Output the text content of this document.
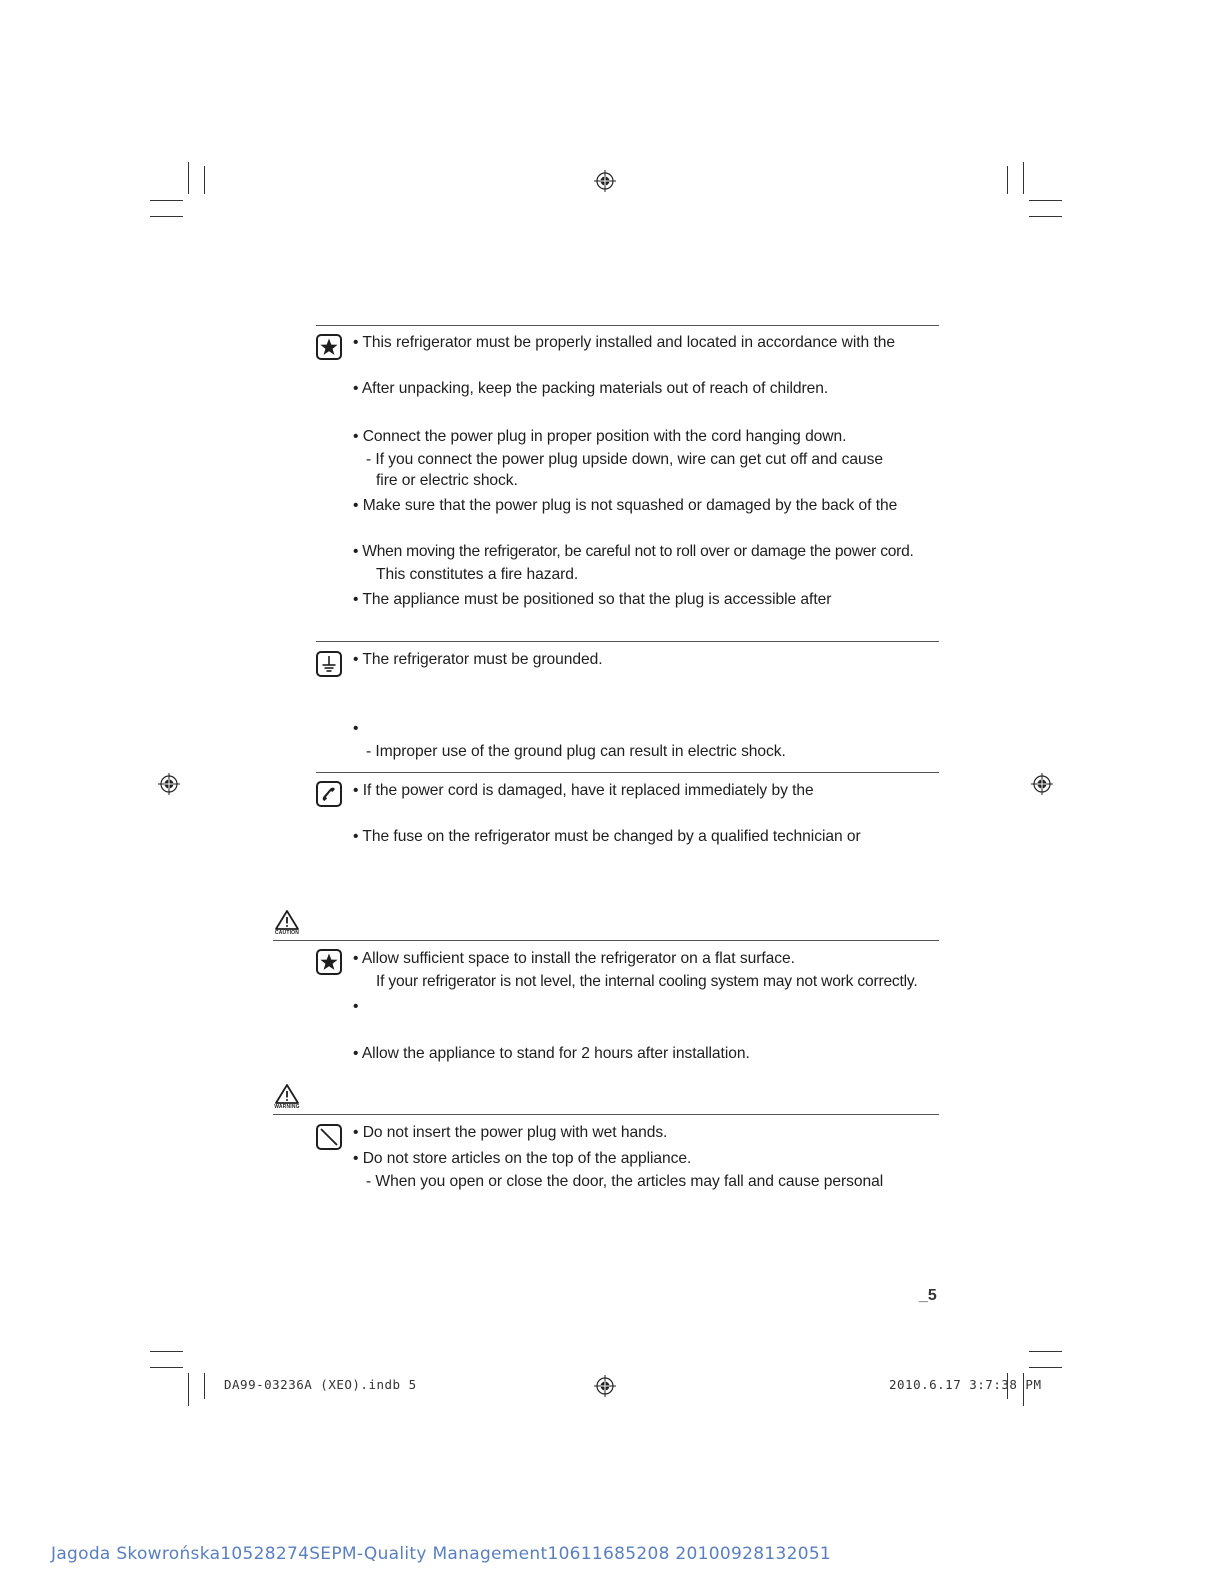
• This refrigerator must be properly installed and located in accordance with the
• After unpacking, keep the packing materials out of reach of children.
• Connect the power plug in proper position with the cord hanging down.
- If you connect the power plug upside down, wire can get cut off and cause
fire or electric shock.
• Make sure that the power plug is not squashed or damaged by the back of the
• When moving the refrigerator, be careful not to roll over or damage the power cord.
This constitutes a fire hazard.
• The appliance must be positioned so that the plug is accessible after
• The refrigerator must be grounded.
•
- Improper use of the ground plug can result in electric shock.
• If the power cord is damaged, have it replaced immediately by the
• The fuse on the refrigerator must be changed by a qualified technician or
CAUTION
• Allow sufficient space to install the refrigerator on a flat surface.
If your refrigerator is not level, the internal cooling system may not work correctly.
•
• Allow the appliance to stand for 2 hours after installation.
WARNING
• Do not insert the power plug with wet hands.
• Do not store articles on the top of the appliance.
- When you open or close the door, the articles may fall and cause personal
_5
DA99-03236A (XEO).indb 5	2010.6.17 3:7:38 PM
Jagoda Skowrońska10528274SEPM-Quality Management10611685208 20100928132051
